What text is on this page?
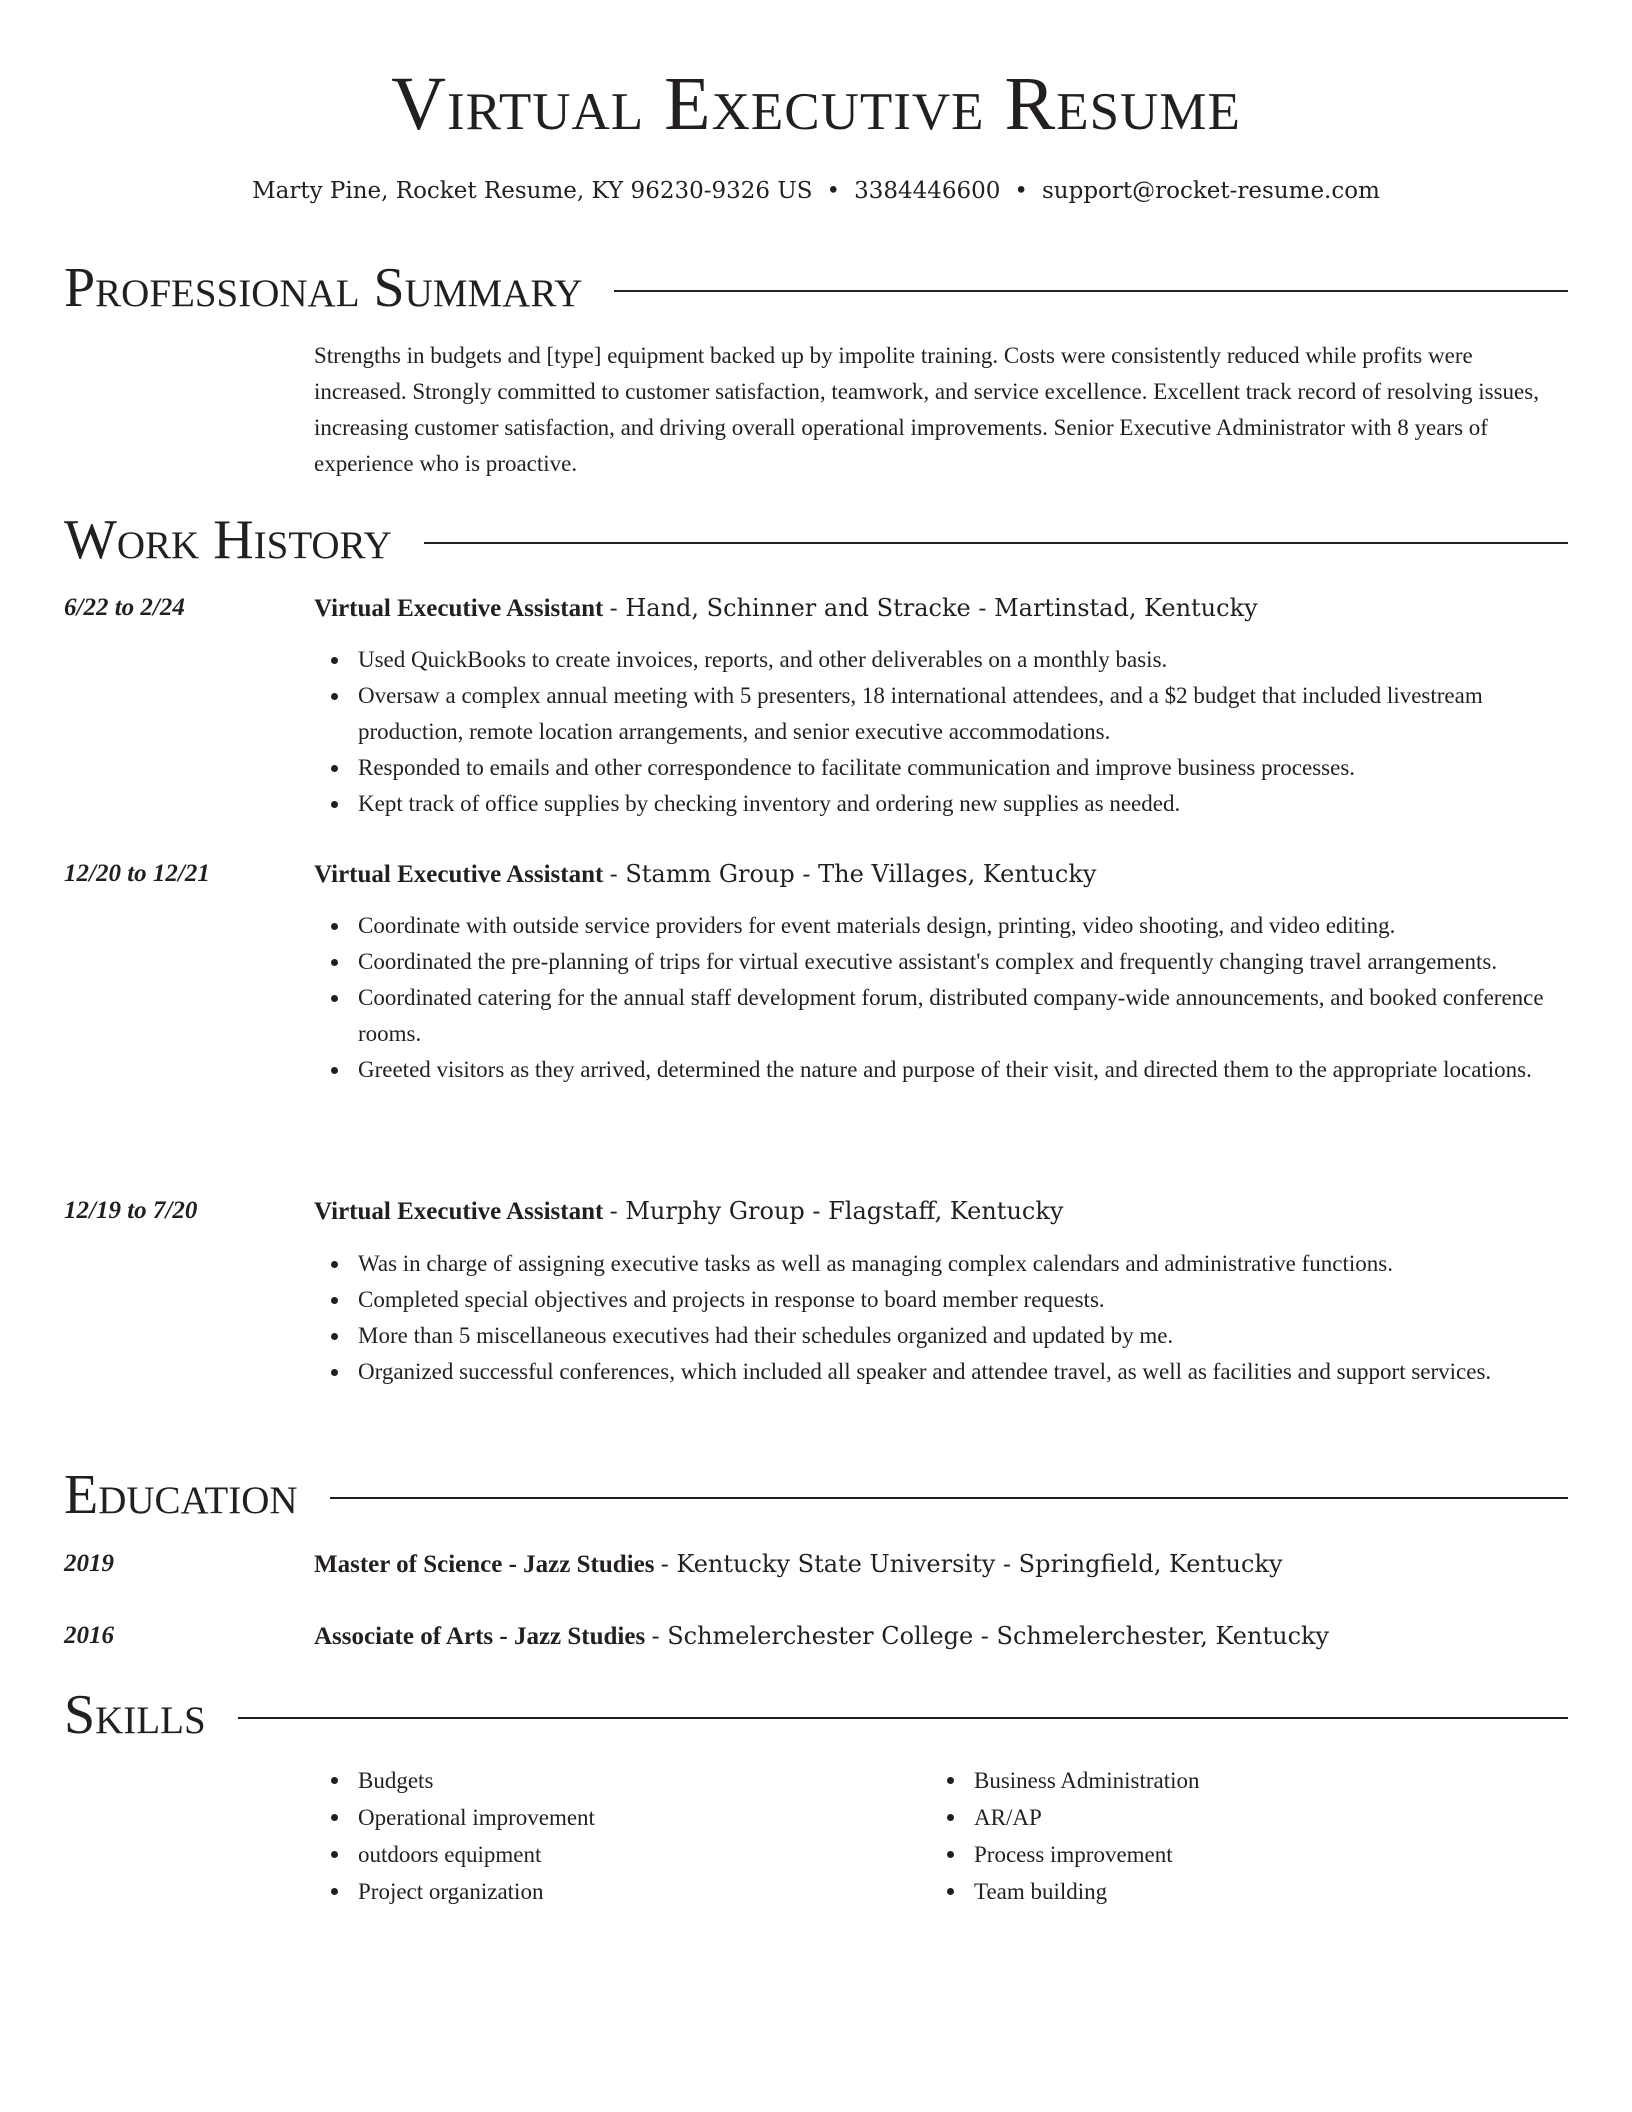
Virtual Executive Resume
Marty Pine, Rocket Resume, KY 96230-9326 US • 3384446600 • support@rocket-resume.com
Professional Summary

Strengths in budgets and [type] equipment backed up by impolite training. Costs were consistently reduced while profits were increased. Strongly committed to customer satisfaction, teamwork, and service excellence. Excellent track record of resolving issues, increasing customer satisfaction, and driving overall operational improvements. Senior Executive Administrator with 8 years of experience who is proactive.

Work History
6/22 to 2/24	Virtual Executive Assistant - Hand, Schinner and Stracke - Martinstad, Kentucky
Used QuickBooks to create invoices, reports, and other deliverables on a monthly basis.
Oversaw a complex annual meeting with 5 presenters, 18 international attendees, and a $2 budget that included livestream production, remote location arrangements, and senior executive accommodations.
Responded to emails and other correspondence to facilitate communication and improve business processes.
Kept track of office supplies by checking inventory and ordering new supplies as needed.
12/20 to 12/21	Virtual Executive Assistant - Stamm Group - The Villages, Kentucky
Coordinate with outside service providers for event materials design, printing, video shooting, and video editing.
Coordinated the pre-planning of trips for virtual executive assistant's complex and frequently changing travel arrangements.
Coordinated catering for the annual staff development forum, distributed company-wide announcements, and booked conference rooms.
Greeted visitors as they arrived, determined the nature and purpose of their visit, and directed them to the appropriate locations.
12/19 to 7/20	Virtual Executive Assistant - Murphy Group - Flagstaff, Kentucky
Was in charge of assigning executive tasks as well as managing complex calendars and administrative functions.
Completed special objectives and projects in response to board member requests.
More than 5 miscellaneous executives had their schedules organized and updated by me.
Organized successful conferences, which included all speaker and attendee travel, as well as facilities and support services.
Education
2019	Master of Science - Jazz Studies - Kentucky State University - Springfield, Kentucky
2016	Associate of Arts - Jazz Studies - Schmelerchester College - Schmelerchester, Kentucky
Skills
Budgets
Operational improvement
outdoors equipment
Project organization
Business Administration
AR/AP
Process improvement
Team building
